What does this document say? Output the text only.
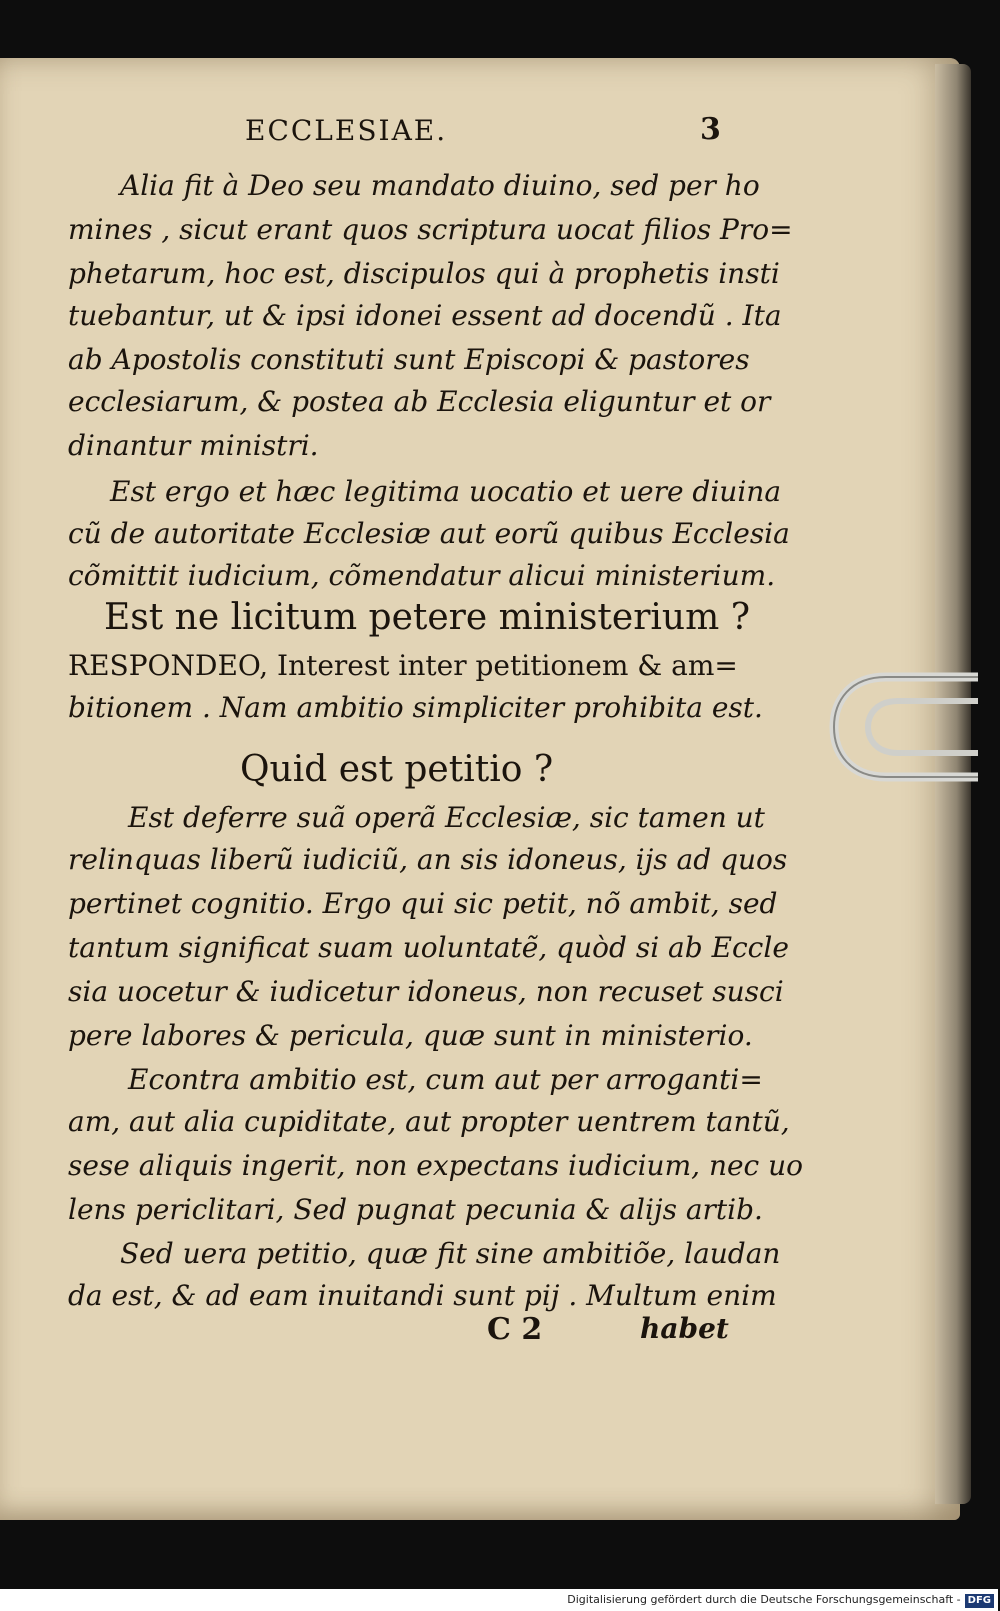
ECCLESIAE.	3
Alia fit à Deo seu mandato diuino, sed per ho
mines , sicut erant quos scriptura uocat filios Pro=
phetarum, hoc est, discipulos qui à prophetis insti
tuebantur, ut & ipsi idonei essent ad docendũ . Ita
ab Apostolis constituti sunt Episcopi & pastores
ecclesiarum, & postea ab Ecclesia eliguntur et or
dinantur ministri.
Est ergo et hæc legitima uocatio et uere diuina
cũ de autoritate Ecclesiæ aut eorũ quibus Ecclesia
cõmittit iudicium, cõmendatur alicui ministerium.
Est ne licitum petere ministerium ?
RESPONDEO, Interest inter petitionem & am=
bitionem . Nam ambitio simpliciter prohibita est.
Quid est petitio ?
Est deferre suã operã Ecclesiæ, sic tamen ut
relinquas liberũ iudiciũ, an sis idoneus, ijs ad quos
pertinet cognitio. Ergo qui sic petit, nõ ambit, sed
tantum significat suam uoluntatẽ, quòd si ab Eccle
sia uocetur & iudicetur idoneus, non recuset susci
pere labores & pericula, quæ sunt in ministerio.
Econtra ambitio est, cum aut per arroganti=
am, aut alia cupiditate, aut propter uentrem tantũ,
sese aliquis ingerit, non expectans iudicium, nec uo
lens periclitari, Sed pugnat pecunia & alijs artib.
Sed uera petitio, quæ fit sine ambitiõe, laudan
da est, & ad eam inuitandi sunt pij . Multum enim
C 2	habet
Digitalisierung gefördert durch die Deutsche Forschungsgemeinschaft - DFG
